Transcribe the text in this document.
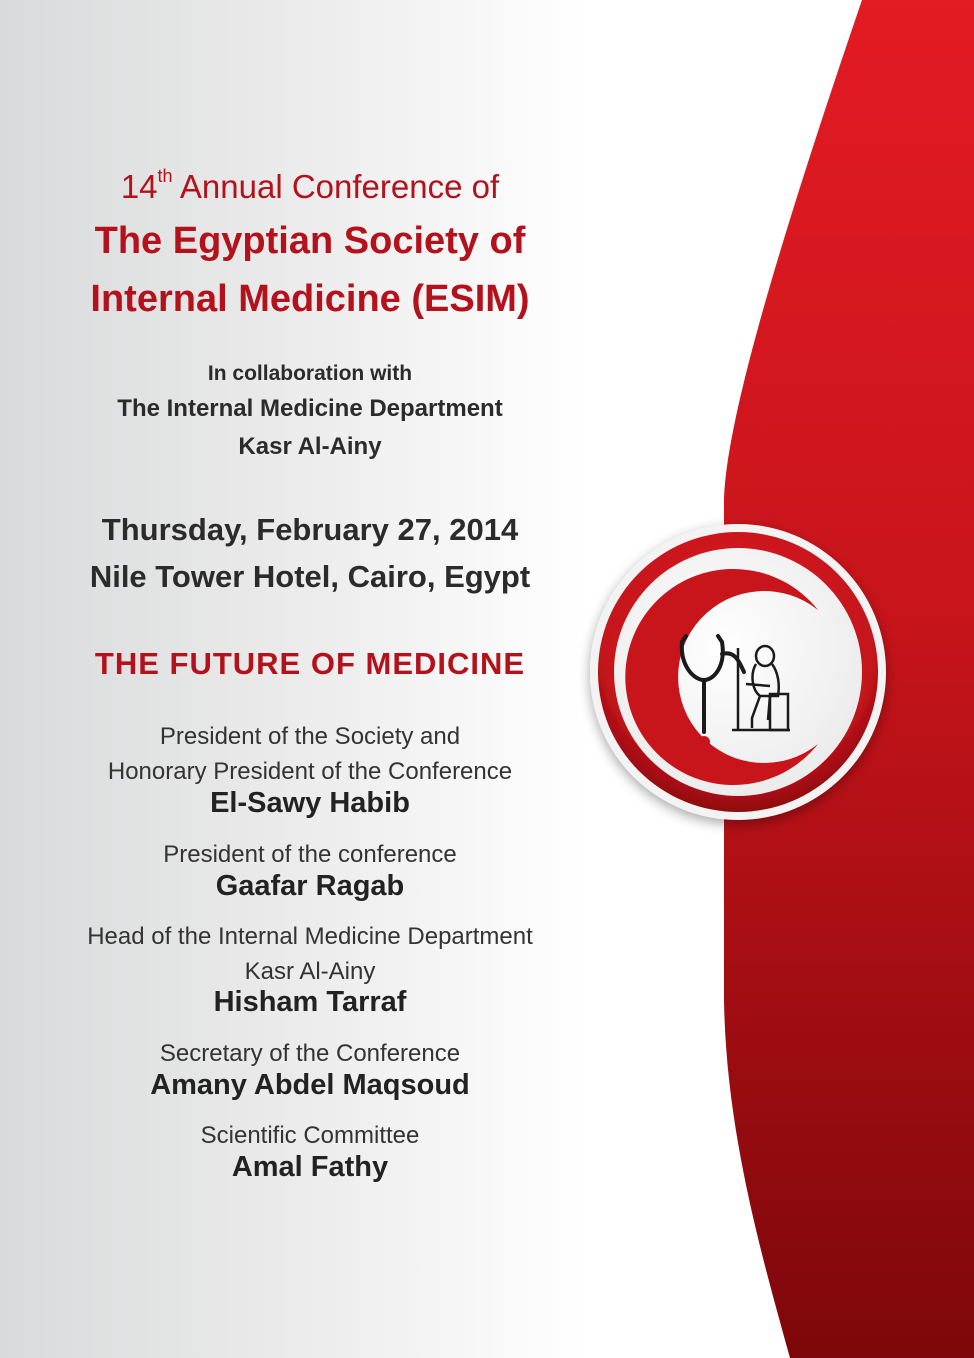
14th Annual Conference of
The Egyptian Society of
Internal Medicine (ESIM)
In collaboration with
The Internal Medicine Department
Kasr Al-Ainy
Thursday, February 27, 2014
Nile Tower Hotel, Cairo, Egypt
THE FUTURE OF MEDICINE
President of the Society and
Honorary President of the Conference
El-Sawy Habib
President of the conference
Gaafar Ragab
Head of the Internal Medicine Department
Kasr Al-Ainy
Hisham Tarraf
Secretary of the Conference
Amany Abdel Maqsoud
Scientific Committee
Amal Fathy
